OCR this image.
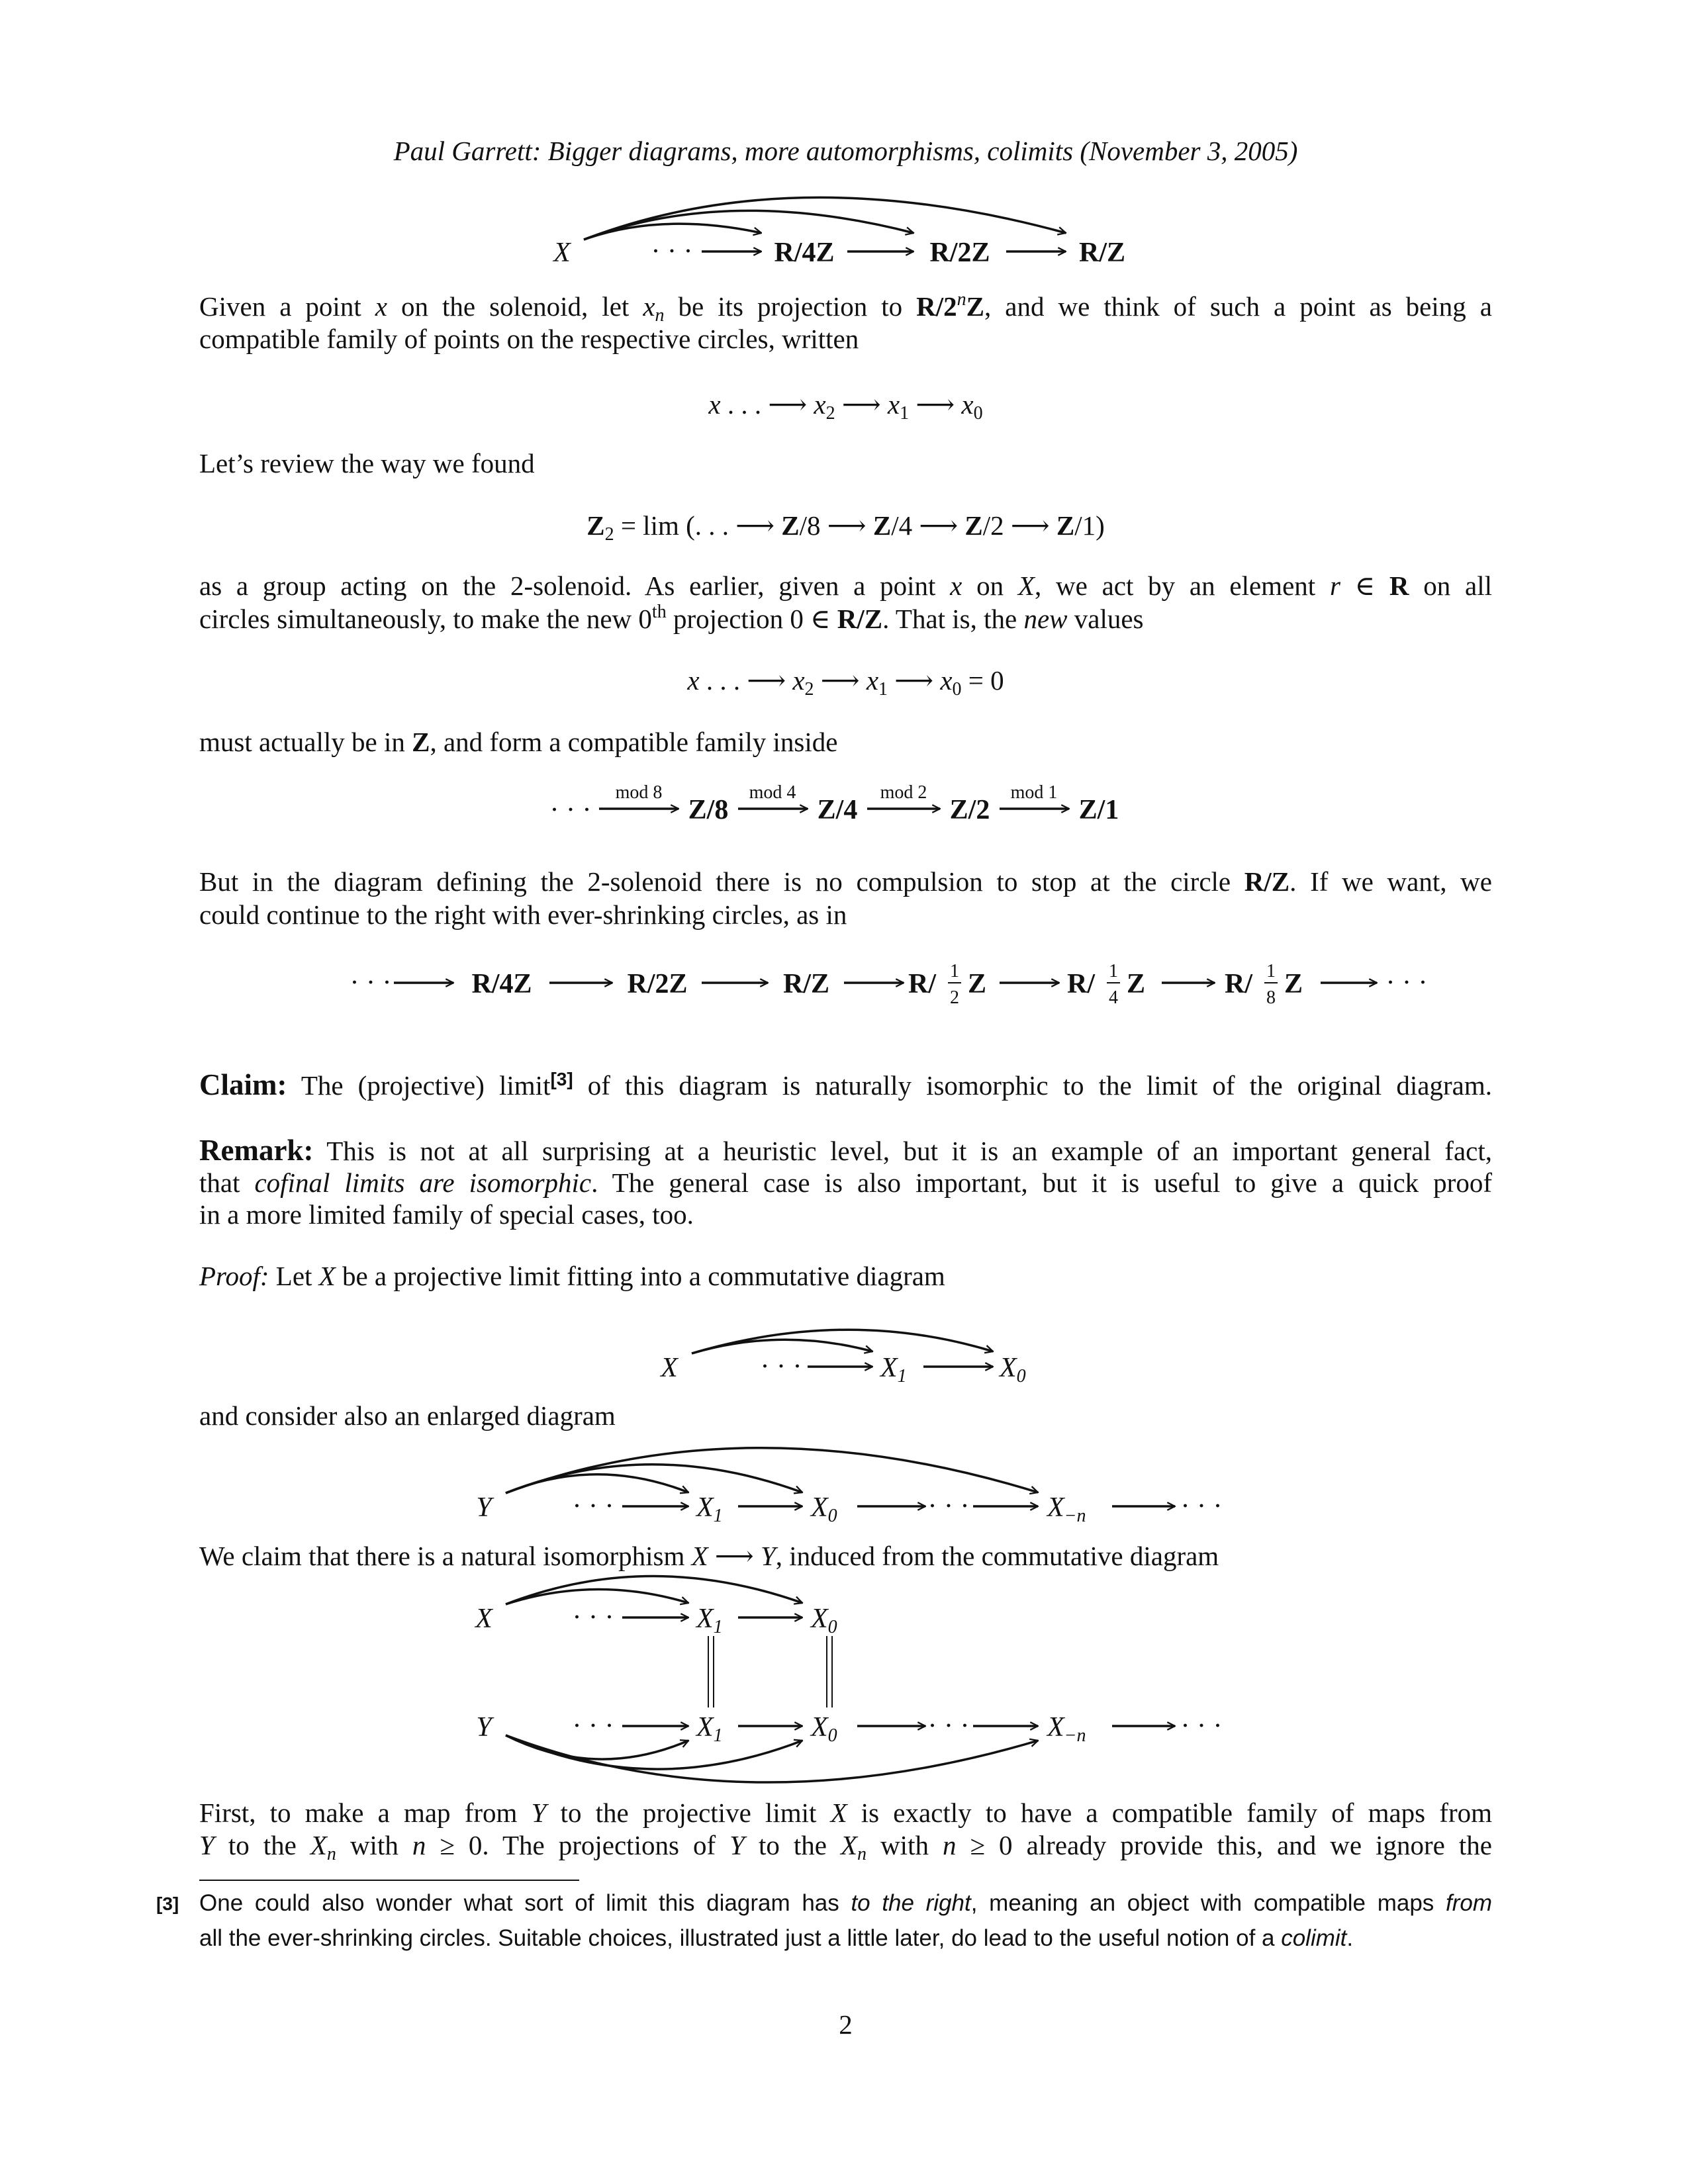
Paul Garrett: Bigger diagrams, more automorphisms, colimits (November 3, 2005)
Given a point x on the solenoid, let $x_n$ be its projection to R/2$^n$Z, and we think of such a point as being a
compatible family of points on the respective circles, written
x . . . ⟶ x2 ⟶ x1 ⟶ x0
Let’s review the way we found
Z2 = lim (. . . ⟶ Z/8 ⟶ Z/4 ⟶ Z/2 ⟶ Z/1)
as a group acting on the 2-solenoid. As earlier, given a point x on X, we act by an element r ∈ R on all
circles simultaneously, to make the new 0th projection 0 ∈ R/Z. That is, the new values
x . . . ⟶ x2 ⟶ x1 ⟶ x0 = 0
must actually be in Z, and form a compatible family inside
But in the diagram defining the 2-solenoid there is no compulsion to stop at the circle R/Z. If we want, we
could continue to the right with ever-shrinking circles, as in
Claim: The (projective) limit[3] of this diagram is naturally isomorphic to the limit of the original diagram.
Remark: This is not at all surprising at a heuristic level, but it is an example of an important general fact,
that cofinal limits are isomorphic. The general case is also important, but it is useful to give a quick proof
in a more limited family of special cases, too.
Proof: Let X be a projective limit fitting into a commutative diagram
and consider also an enlarged diagram
We claim that there is a natural isomorphism X ⟶ Y, induced from the commutative diagram
First, to make a map from Y to the projective limit X is exactly to have a compatible family of maps from
Y to the $X_n$ with n ≥ 0. The projections of Y to the $X_n$ with n ≥ 0 already provide this, and we ignore the
One could also wonder what sort of limit this diagram has to the right, meaning an object with compatible maps from
all the ever-shrinking circles. Suitable choices, illustrated just a little later, do lead to the useful notion of a colimit.
[3]
2
X	· · ·	R/4Z	R/2Z	R/Z
· · ·
mod 8	mod 4	mod 2	mod 1
Z/8	Z/4	Z/2	Z/1
· · ·	R/4Z	R/2Z	R/Z	R/ 1
2 Z	R/ 1
4 Z	R/ 1
8 Z	· · ·
X	· · ·	X1	X0
Y	· · ·	X1	X0	· · ·	X−n	· · ·
X	· · ·	X1	X0
Y	· · ·	X1	X0	· · ·	X−n	· · ·
